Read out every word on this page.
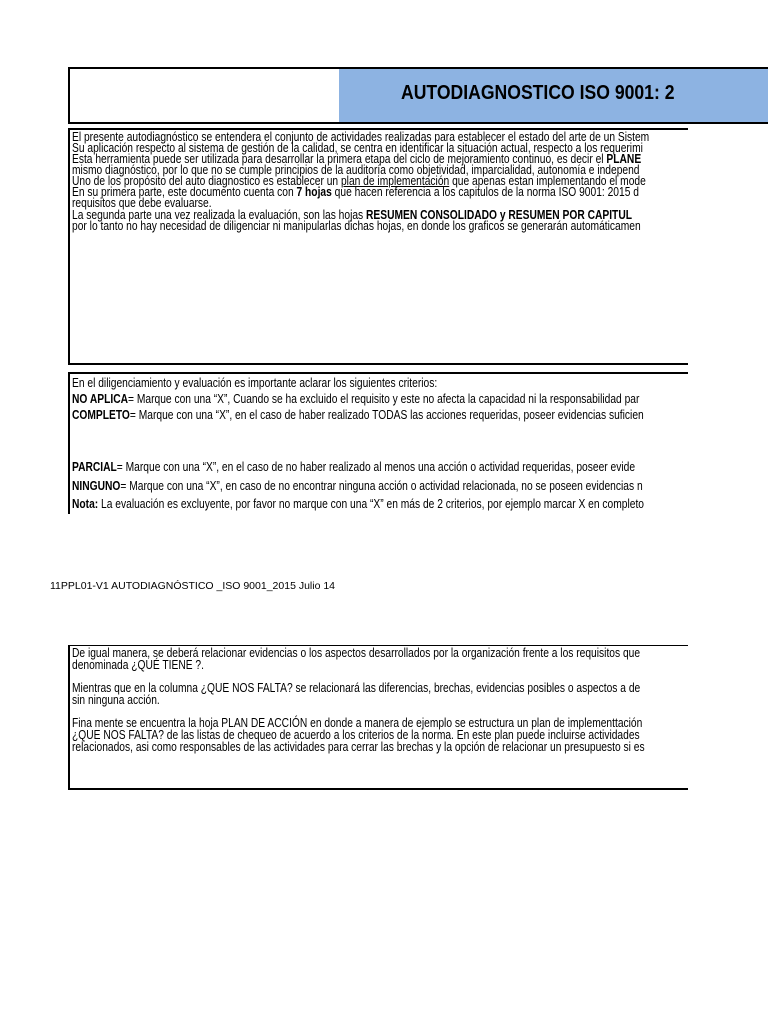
AUTODIAGNOSTICO ISO 9001: 2
El presente autodiagnóstico se entendera el conjunto de actividades realizadas para establecer el estado del arte de un Sistem
Su aplicación respecto al sistema de gestión de la calidad, se centra en identificar la situación actual, respecto a los requerimi
Esta herramienta puede ser utilizada para desarrollar la primera etapa del ciclo de mejoramiento continuo, es decir el PLANE
mismo diagnóstico, por lo que no se cumple principios de la auditoría como objetividad, imparcialidad, autonomía e independ
Uno de los propósito del auto diagnostico es establecer un plan de implementación que apenas estan implementando el mode
En su primera parte, este documento cuenta con 7 hojas que hacen referencia a los capitulos de la norma ISO 9001: 2015 d
requisitos que debe evaluarse.
La segunda parte una vez realizada la evaluación, son las hojas RESUMEN CONSOLIDADO y RESUMEN POR CAPITUL
por lo tanto no hay necesidad de diligenciar ni manipularlas dichas hojas, en donde los graficos se generarán automáticamen
En el diligenciamiento y evaluación es importante aclarar los siguientes criterios:
NO APLICA= Marque con una “X”, Cuando se ha excluido el requisito y este no afecta la capacidad ni la responsabilidad par
COMPLETO= Marque con una “X”, en el caso de haber realizado TODAS las acciones requeridas, poseer evidencias suficien
PARCIAL= Marque con una “X”, en el caso de no haber realizado al menos una acción o actividad requeridas, poseer evide
NINGUNO= Marque con una “X”, en caso de no encontrar ninguna acción o actividad relacionada, no se poseen evidencias n
Nota: La evaluación es excluyente, por favor no marque con una “X” en más de 2 criterios, por ejemplo marcar X en completo
11PPL01-V1 AUTODIAGNÓSTICO _ISO 9001_2015 Julio 14
De igual manera, se deberá relacionar evidencias o los aspectos desarrollados por la organización frente a los requisitos que
denominada ¿QUÉ TIENE ?.
Mientras que en la columna ¿QUE NOS FALTA? se relacionará las diferencias, brechas, evidencias posibles o aspectos a de
sin ninguna acción.
Fina mente se encuentra la hoja PLAN DE ACCIÓN en donde a manera de ejemplo se estructura un plan de implementtación
¿QUE NOS FALTA? de las listas de chequeo de acuerdo a los criterios de la norma. En este plan puede incluirse actividades
relacionados, asi como responsables de las actividades para cerrar las brechas y la opción de relacionar un presupuesto si es
